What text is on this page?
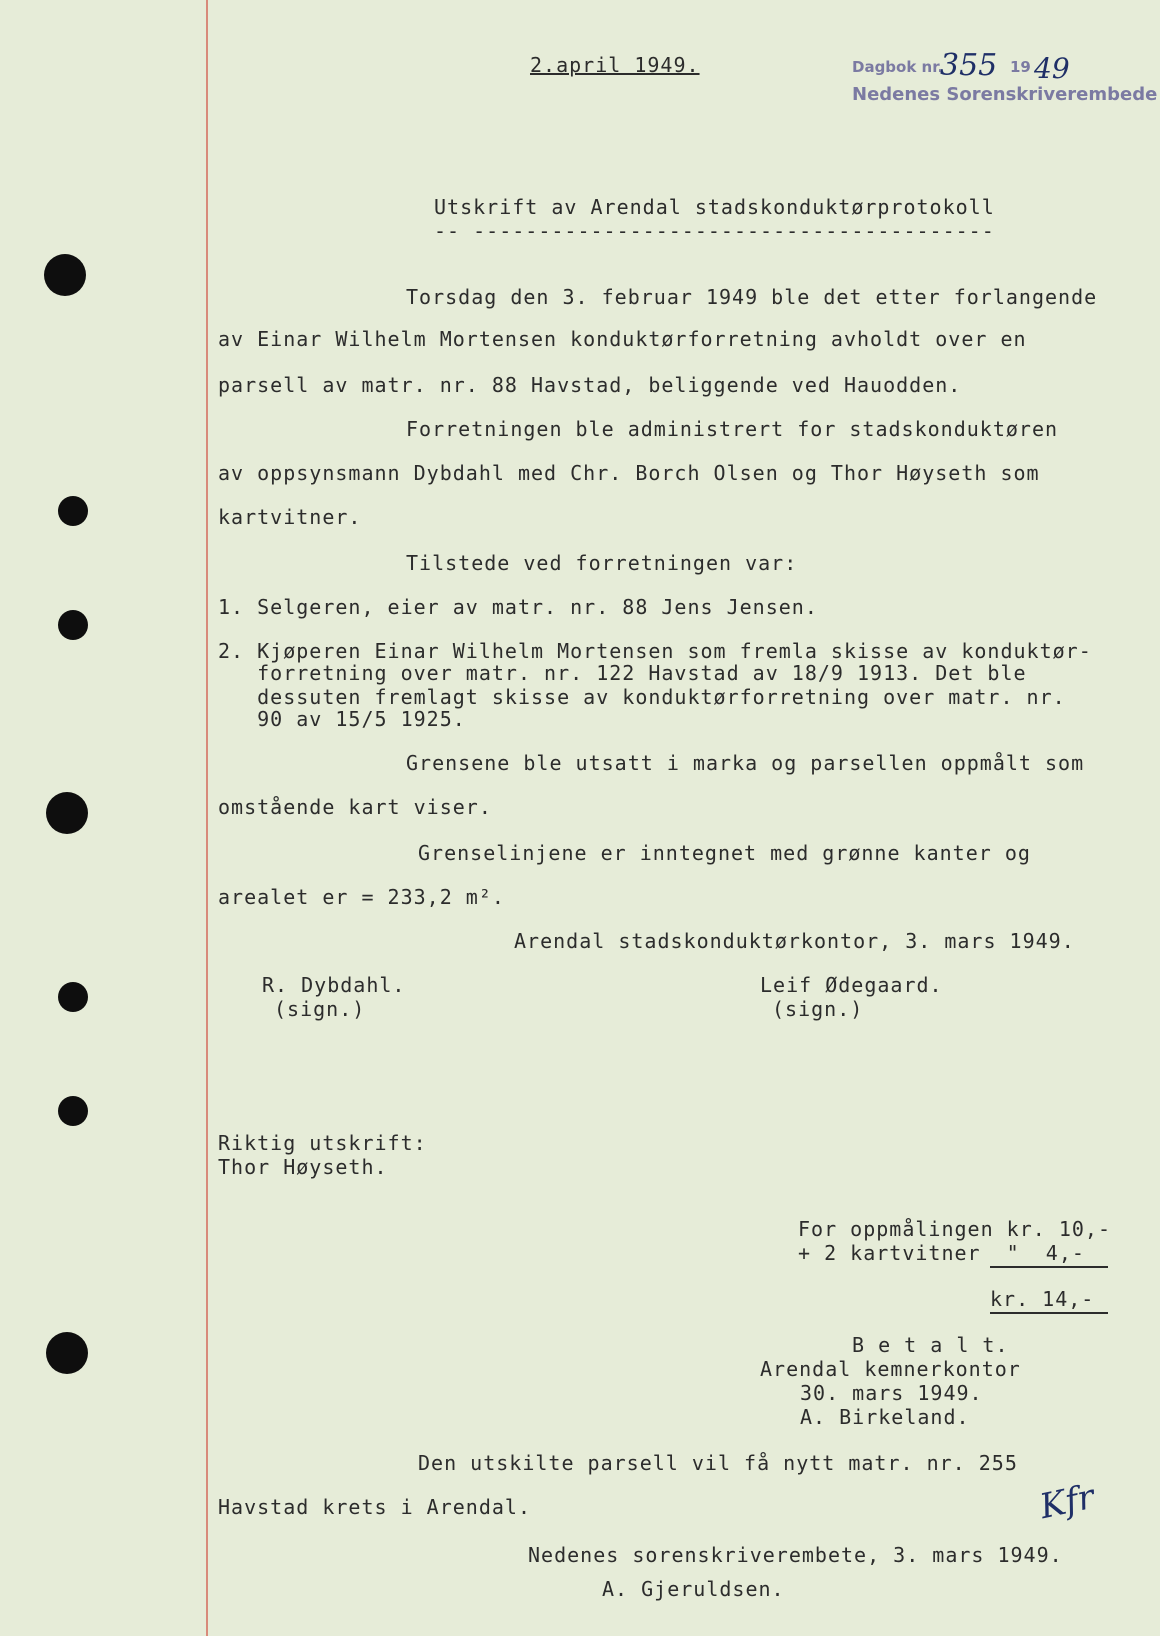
2.april 1949.	Dagbok nr.
355 19 49
Nedenes Sorenskriverembede
Utskrift av Arendal stadskonduktørprotokoll
-- ----------------------------------------
Torsdag den 3. februar 1949 ble det etter forlangende
av Einar Wilhelm Mortensen konduktørforretning avholdt over en
parsell av matr. nr. 88 Havstad, beliggende ved Hauodden.
Forretningen ble administrert for stadskonduktøren
av oppsynsmann Dybdahl med Chr. Borch Olsen og Thor Høyseth som
kartvitner.
Tilstede ved forretningen var:
1. Selgeren, eier av matr. nr. 88 Jens Jensen.
2. Kjøperen Einar Wilhelm Mortensen som fremla skisse av konduktør-
forretning over matr. nr. 122 Havstad av 18/9 1913. Det ble
dessuten fremlagt skisse av konduktørforretning over matr. nr.
90 av 15/5 1925.
Grensene ble utsatt i marka og parsellen oppmålt som
omstående kart viser.
Grenselinjene er inntegnet med grønne kanter og
arealet er = 233,2 m².
Arendal stadskonduktørkontor, 3. mars 1949.
R. Dybdahl.
(sign.)
Leif Ødegaard.
(sign.)
Riktig utskrift:
Thor Høyseth.
For oppmålingen kr. 10,-
+ 2 kartvitner  "  4,-
kr. 14,-
B e t a l t.
Arendal kemnerkontor
30. mars 1949.
A. Birkeland.
Den utskilte parsell vil få nytt matr. nr. 255
Havstad krets i Arendal.	Kfr
Nedenes sorenskriverembete, 3. mars 1949.
A. Gjeruldsen.
